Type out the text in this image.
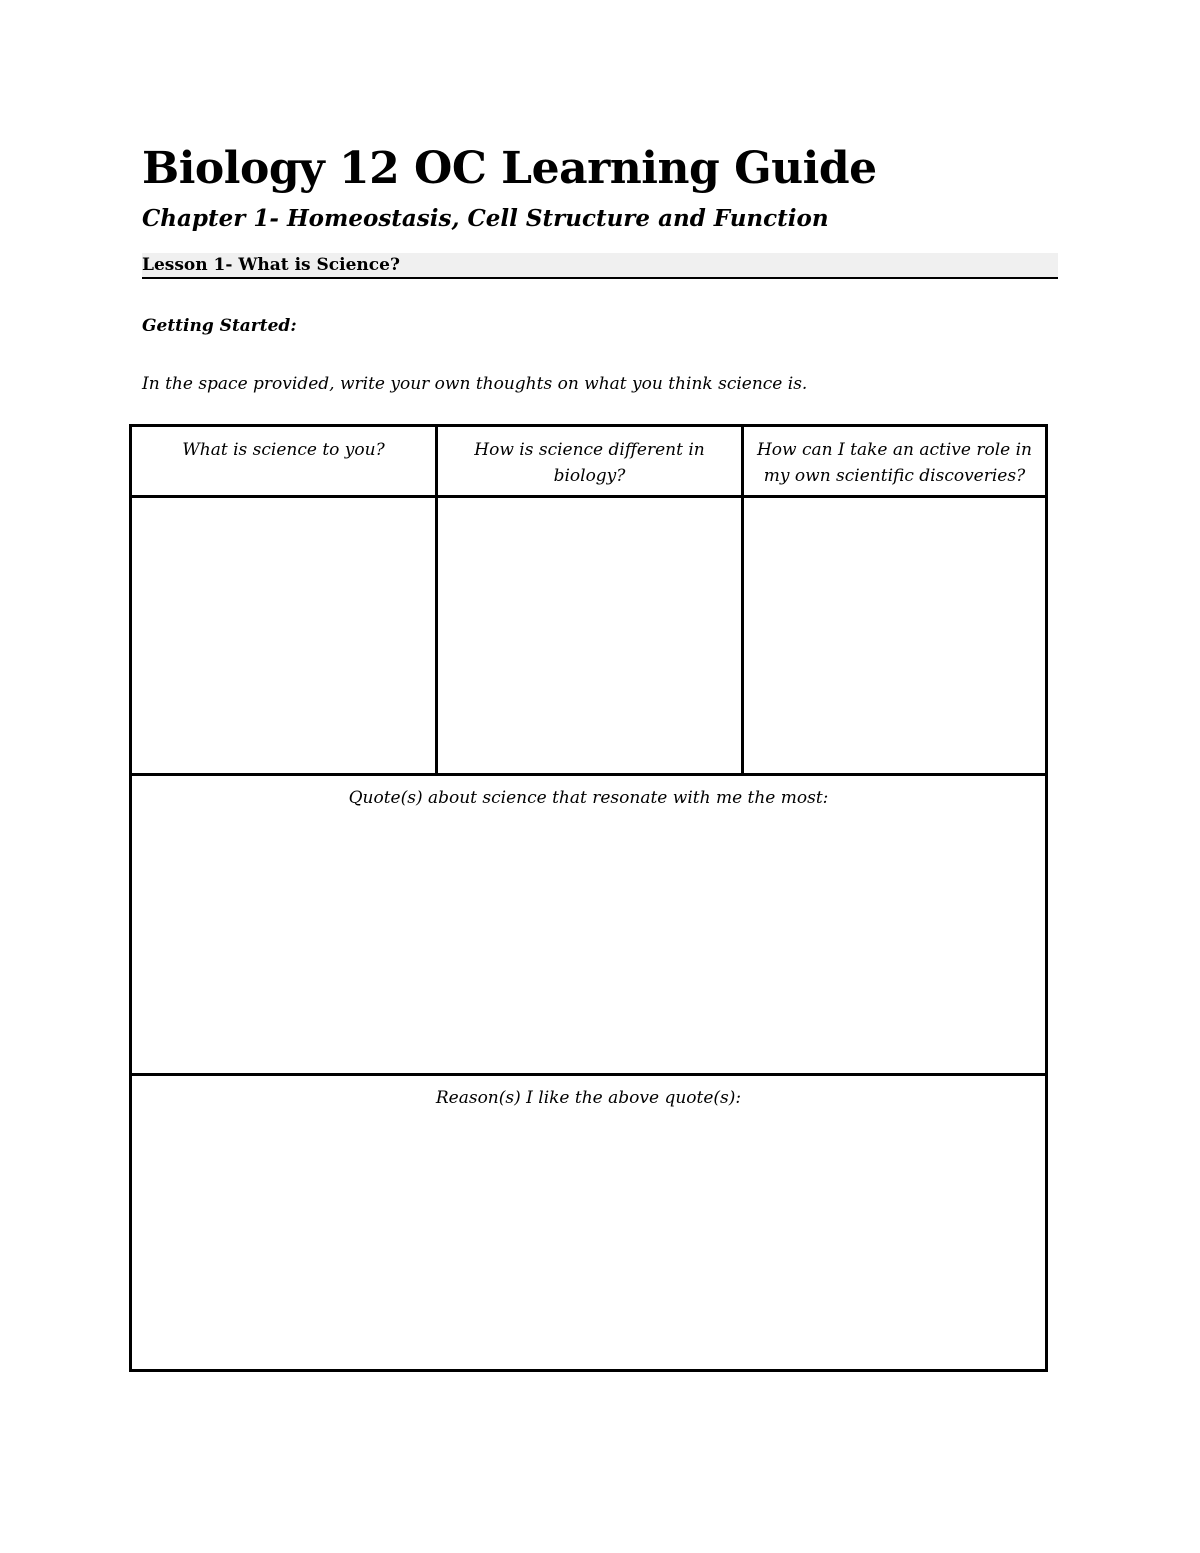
Biology 12 OC Learning Guide
Chapter 1- Homeostasis, Cell Structure and Function
Lesson 1- What is Science?
Getting Started:
In the space provided, write your own thoughts on what you think science is.
What is science to you?	How is science different in biology?
How can I take an active role in my own scientific discoveries?
Quote(s) about science that resonate with me the most:
Reason(s) I like the above quote(s):
